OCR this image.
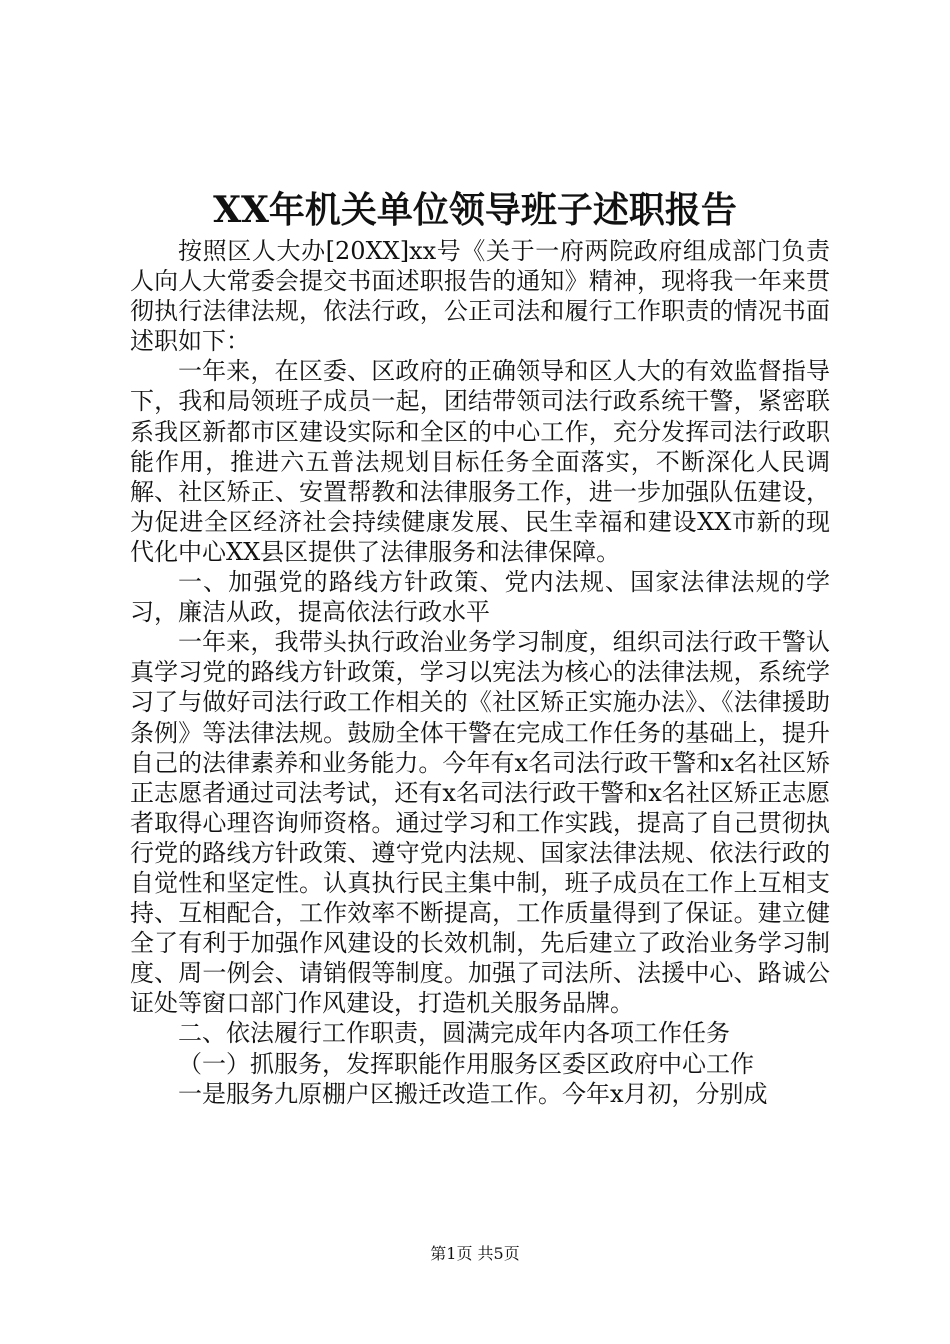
XX年机关单位领导班子述职报告

按照区人大办[20XX]xx号《关于一府两院政府组成部门负责人向人大常委会提交书面述职报告的通知》精神，现将我一年来贯彻执行法律法规，依法行政，公正司法和履行工作职责的情况书面述职如下：

一年来，在区委、区政府的正确领导和区人大的有效监督指导下，我和局领班子成员一起，团结带领司法行政系统干警，紧密联系我区新都市区建设实际和全区的中心工作，充分发挥司法行政职能作用，推进六五普法规划目标任务全面落实，不断深化人民调解、社区矫正、安置帮教和法律服务工作，进一步加强队伍建设，为促进全区经济社会持续健康发展、民生幸福和建设XX市新的现代化中心XX县区提供了法律服务和法律保障。

一、加强党的路线方针政策、党内法规、国家法律法规的学习，廉洁从政，提高依法行政水平

一年来，我带头执行政治业务学习制度，组织司法行政干警认真学习党的路线方针政策，学习以宪法为核心的法律法规，系统学习了与做好司法行政工作相关的《社区矫正实施办法》、《法律援助条例》等法律法规。鼓励全体干警在完成工作任务的基础上，提升自己的法律素养和业务能力。今年有x名司法行政干警和x名社区矫正志愿者通过司法考试，还有x名司法行政干警和x名社区矫正志愿者取得心理咨询师资格。通过学习和工作实践，提高了自己贯彻执行党的路线方针政策、遵守党内法规、国家法律法规、依法行政的自觉性和坚定性。认真执行民主集中制，班子成员在工作上互相支持、互相配合，工作效率不断提高，工作质量得到了保证。建立健全了有利于加强作风建设的长效机制，先后建立了政治业务学习制度、周一例会、请销假等制度。加强了司法所、法援中心、路诚公证处等窗口部门作风建设，打造机关服务品牌。

二、依法履行工作职责，圆满完成年内各项工作任务

（一）抓服务，发挥职能作用服务区委区政府中心工作

一是服务九原棚户区搬迁改造工作。今年x月初，分别成

第1页 共5页
